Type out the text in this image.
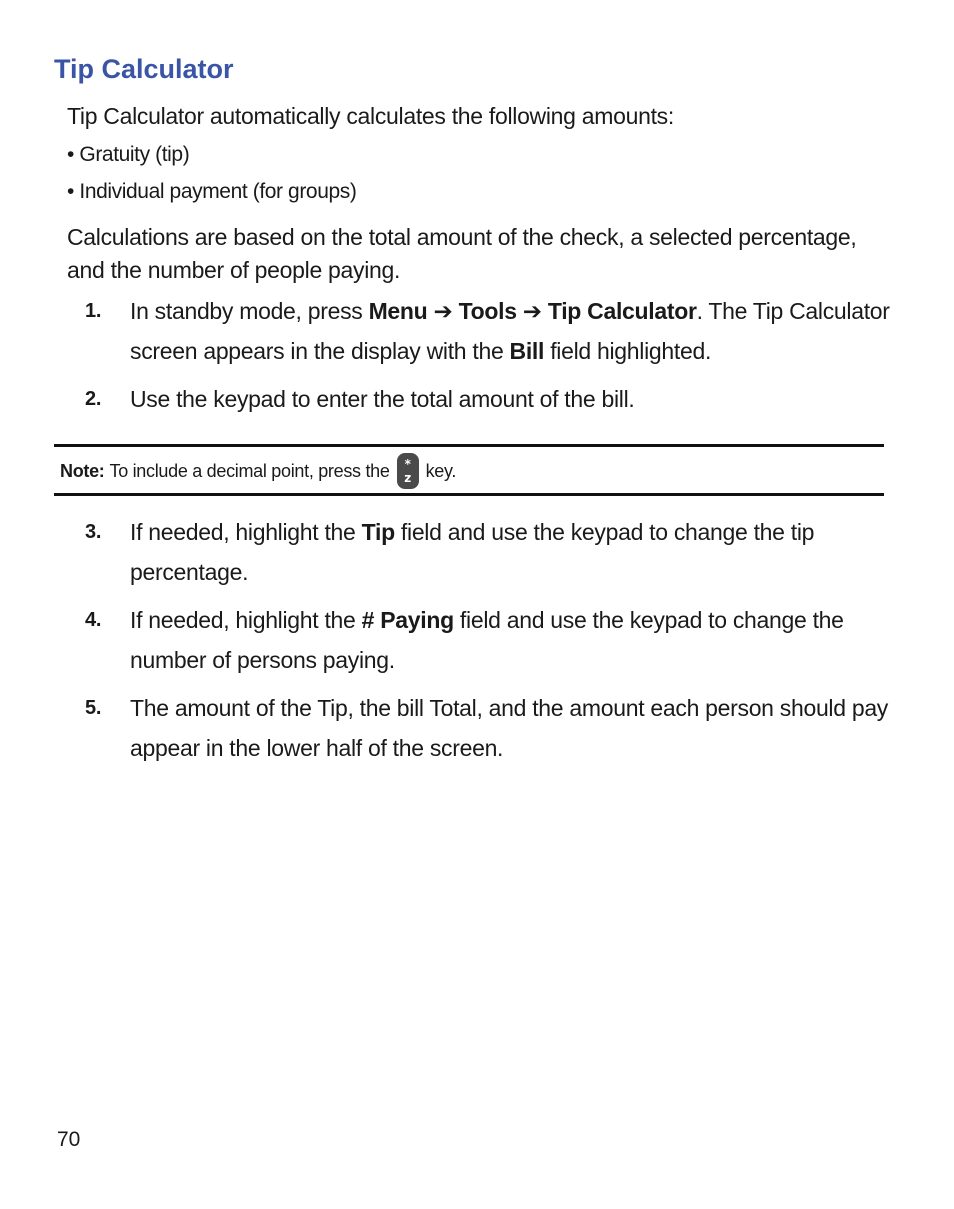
Tip Calculator
Tip Calculator automatically calculates the following amounts:
• Gratuity (tip)
• Individual payment (for groups)
Calculations are based on the total amount of the check, a selected percentage, and the number of people paying.
1. In standby mode, press Menu ➔ Tools ➔ Tip Calculator. The Tip Calculator screen appears in the display with the Bill field highlighted.
2. Use the keypad to enter the total amount of the bill.
Note: To include a decimal point, press the	*
z key.
3. If needed, highlight the Tip field and use the keypad to change the tip percentage.
4. If needed, highlight the # Paying field and use the keypad to change the number of persons paying.
5. The amount of the Tip, the bill Total, and the amount each person should pay appear in the lower half of the screen.
70
